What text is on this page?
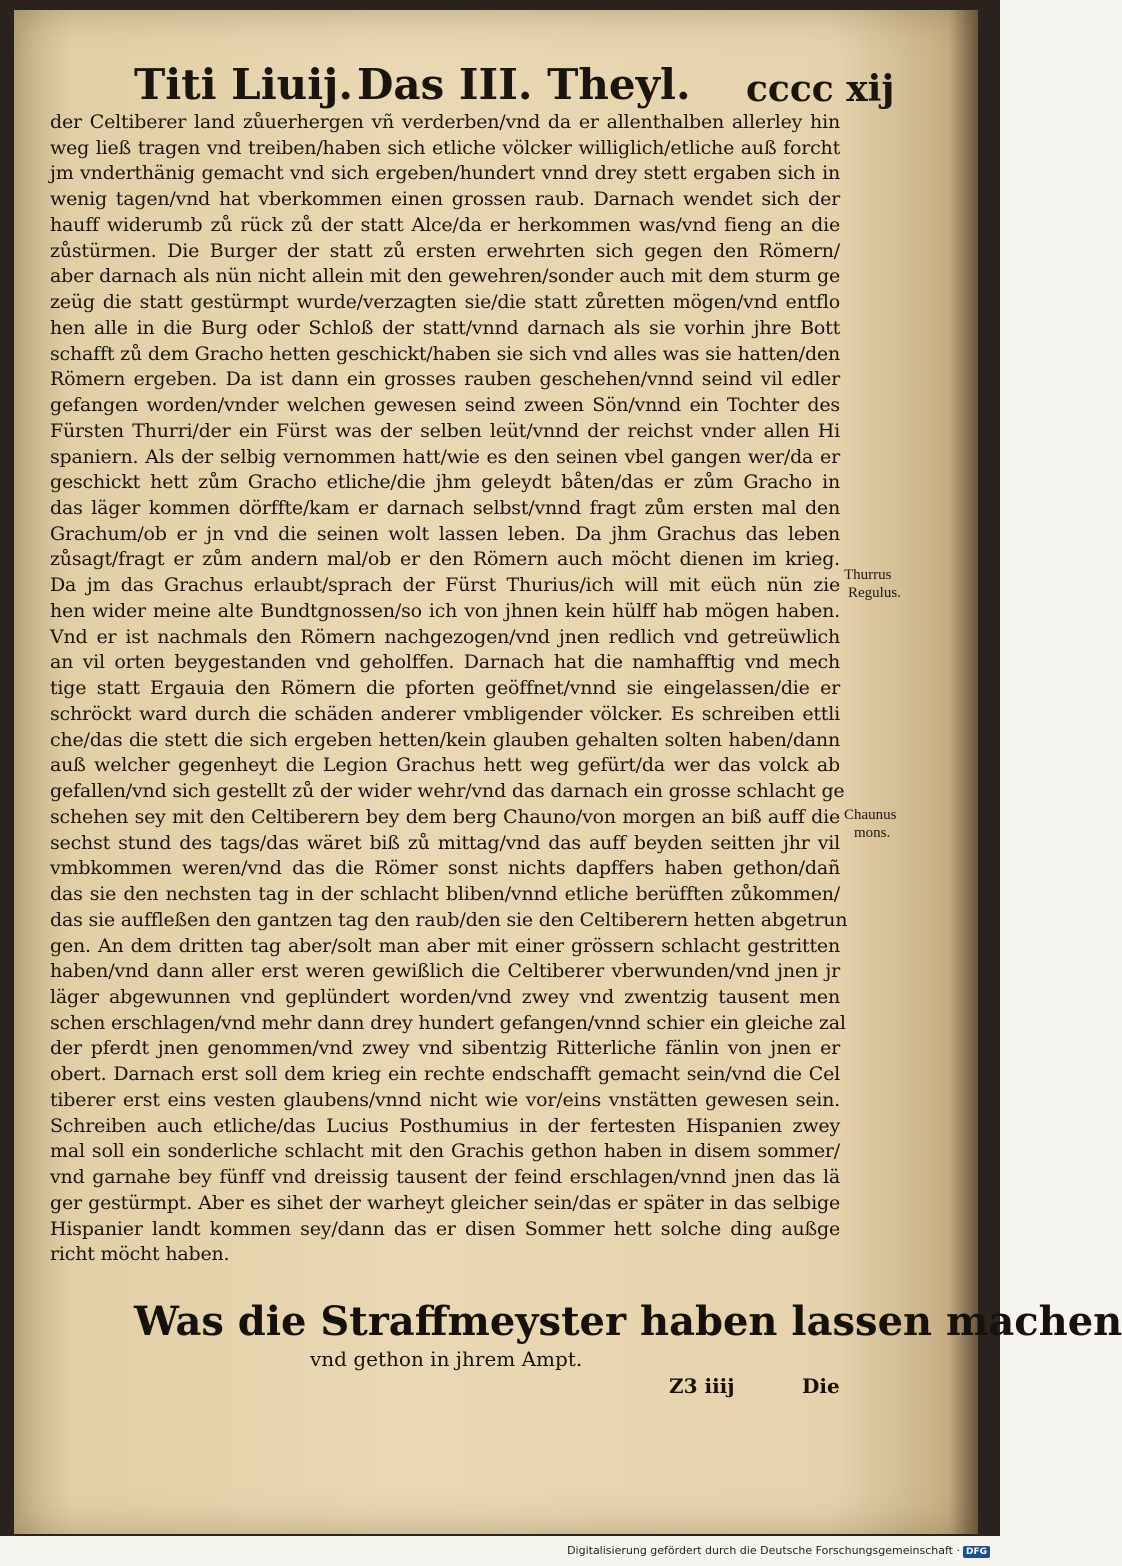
Titi Liuij. Das III. Theyl. cccc xij
der Celtiberer land zůuerhergen vñ verderben/vnd da er allenthalben allerley hin
weg ließ tragen vnd treiben/haben sich etliche völcker williglich/etliche auß forcht
jm vnderthänig gemacht vnd sich ergeben/hundert vnnd drey stett ergaben sich in
wenig tagen/vnd hat vberkommen einen grossen raub. Darnach wendet sich der
hauff widerumb zů rück zů der statt Alce/da er herkommen was/vnd fieng an die
zůstürmen. Die Burger der statt zů ersten erwehrten sich gegen den Römern/
aber darnach als nün nicht allein mit den gewehren/sonder auch mit dem sturm ge
zeüg die statt gestürmpt wurde/verzagten sie/die statt zůretten mögen/vnd entflo
hen alle in die Burg oder Schloß der statt/vnnd darnach als sie vorhin jhre Bott
schafft zů dem Gracho hetten geschickt/haben sie sich vnd alles was sie hatten/den
Römern ergeben. Da ist dann ein grosses rauben geschehen/vnnd seind vil edler
gefangen worden/vnder welchen gewesen seind zween Sön/vnnd ein Tochter des
Fürsten Thurri/der ein Fürst was der selben leüt/vnnd der reichst vnder allen Hi
spaniern. Als der selbig vernommen hatt/wie es den seinen vbel gangen wer/da er
geschickt hett zům Gracho etliche/die jhm geleydt båten/das er zům Gracho in
das läger kommen dörffte/kam er darnach selbst/vnnd fragt zům ersten mal den
Grachum/ob er jn vnd die seinen wolt lassen leben. Da jhm Grachus das leben
zůsagt/fragt er zům andern mal/ob er den Römern auch möcht dienen im krieg.
Da jm das Grachus erlaubt/sprach der Fürst Thurius/ich will mit eüch nün zie
hen wider meine alte Bundtgnossen/so ich von jhnen kein hülff hab mögen haben.
Vnd er ist nachmals den Römern nachgezogen/vnd jnen redlich vnd getreüwlich
an vil orten beygestanden vnd geholffen. Darnach hat die namhafftig vnd mech
tige statt Ergauia den Römern die pforten geöffnet/vnnd sie eingelassen/die er
schröckt ward durch die schäden anderer vmbligender völcker. Es schreiben ettli
che/das die stett die sich ergeben hetten/kein glauben gehalten solten haben/dann
auß welcher gegenheyt die Legion Grachus hett weg gefürt/da wer das volck ab
gefallen/vnd sich gestellt zů der wider wehr/vnd das darnach ein grosse schlacht ge
schehen sey mit den Celtiberern bey dem berg Chauno/von morgen an biß auff die
sechst stund des tags/das wäret biß zů mittag/vnd das auff beyden seitten jhr vil
vmbkommen weren/vnd das die Römer sonst nichts dapffers haben gethon/dañ
das sie den nechsten tag in der schlacht bliben/vnnd etliche berüfften zůkommen/
das sie auffleßen den gantzen tag den raub/den sie den Celtiberern hetten abgetrun
gen. An dem dritten tag aber/solt man aber mit einer grössern schlacht gestritten
haben/vnd dann aller erst weren gewißlich die Celtiberer vberwunden/vnd jnen jr
läger abgewunnen vnd geplündert worden/vnd zwey vnd zwentzig tausent men
schen erschlagen/vnd mehr dann drey hundert gefangen/vnnd schier ein gleiche zal
der pferdt jnen genommen/vnd zwey vnd sibentzig Ritterliche fänlin von jnen er
obert. Darnach erst soll dem krieg ein rechte endschafft gemacht sein/vnd die Cel
tiberer erst eins vesten glaubens/vnnd nicht wie vor/eins vnstätten gewesen sein.
Schreiben auch etliche/das Lucius Posthumius in der fertesten Hispanien zwey
mal soll ein sonderliche schlacht mit den Grachis gethon haben in disem sommer/
vnd garnahe bey fünff vnd dreissig tausent der feind erschlagen/vnnd jnen das lä
ger gestürmpt. Aber es sihet der warheyt gleicher sein/das er später in das selbige
Hispanier landt kommen sey/dann das er disen Sommer hett solche ding außge
richt möcht haben.
Thurrus
Regulus.
Chaunus
mons.
Was die Straffmeyster haben lassen machen
vnd gethon in jhrem Ampt.
Z3 iiij	Die
Digitalisierung gefördert durch die Deutsche Forschungsgemeinschaft · DFG
